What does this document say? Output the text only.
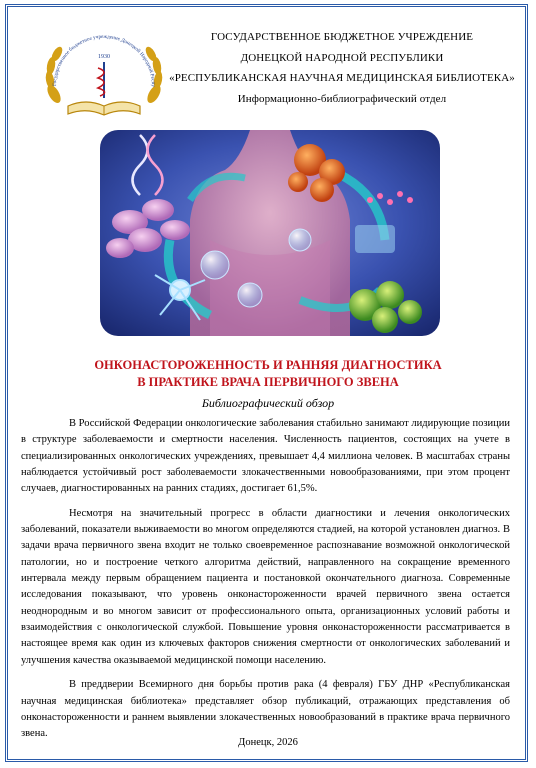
Государственное бюджетное учреждение Донецкой Народной Респу
1930
ГОСУДАРСТВЕННОЕ БЮДЖЕТНОЕ УЧРЕЖДЕНИЕ
ДОНЕЦКОЙ НАРОДНОЙ РЕСПУБЛИКИ
«РЕСПУБЛИКАНСКАЯ НАУЧНАЯ МЕДИЦИНСКАЯ БИБЛИОТЕКА»
Информационно-библиографический отдел
ОНКОНАСТОРОЖЕННОСТЬ И РАННЯЯ ДИАГНОСТИКА
В ПРАКТИКЕ ВРАЧА ПЕРВИЧНОГО ЗВЕНА
Библиографический обзор

В Российской Федерации онкологические заболевания стабильно занимают лидирующие позиции в структуре заболеваемости и смертности населения. Численность пациентов, состоящих на учете в специализированных онкологических учреждениях, превышает 4,4 миллиона человек. В масштабах страны наблюдается устойчивый рост заболеваемости злокачественными новообразованиями, при этом процент случаев, диагностированных на ранних стадиях, достигает 61,5%.

Несмотря на значительный прогресс в области диагностики и лечения онкологических заболеваний, показатели выживаемости во многом определяются стадией, на которой установлен диагноз. В задачи врача первичного звена входит не только своевременное распознавание возможной онкологической патологии, но и построение четкого алгоритма действий, направленного на сокращение временного интервала между первым обращением пациента и постановкой окончательного диагноза. Современные исследования показывают, что уровень онконастороженности врачей первичного звена остается неоднородным и во многом зависит от профессионального опыта, организационных условий работы и взаимодействия с онкологической службой. Повышение уровня онконастороженности рассматривается в настоящее время как один из ключевых факторов снижения смертности от онкологических заболеваний и улучшения качества оказываемой медицинской помощи населению.

В преддверии Всемирного дня борьбы против рака (4 февраля) ГБУ ДНР «Республиканская научная медицинская библиотека» представляет обзор публикаций, отражающих представления об онконастороженности и раннем выявлении злокачественных новообразований в практике врача первичного звена.

Донецк, 2026
